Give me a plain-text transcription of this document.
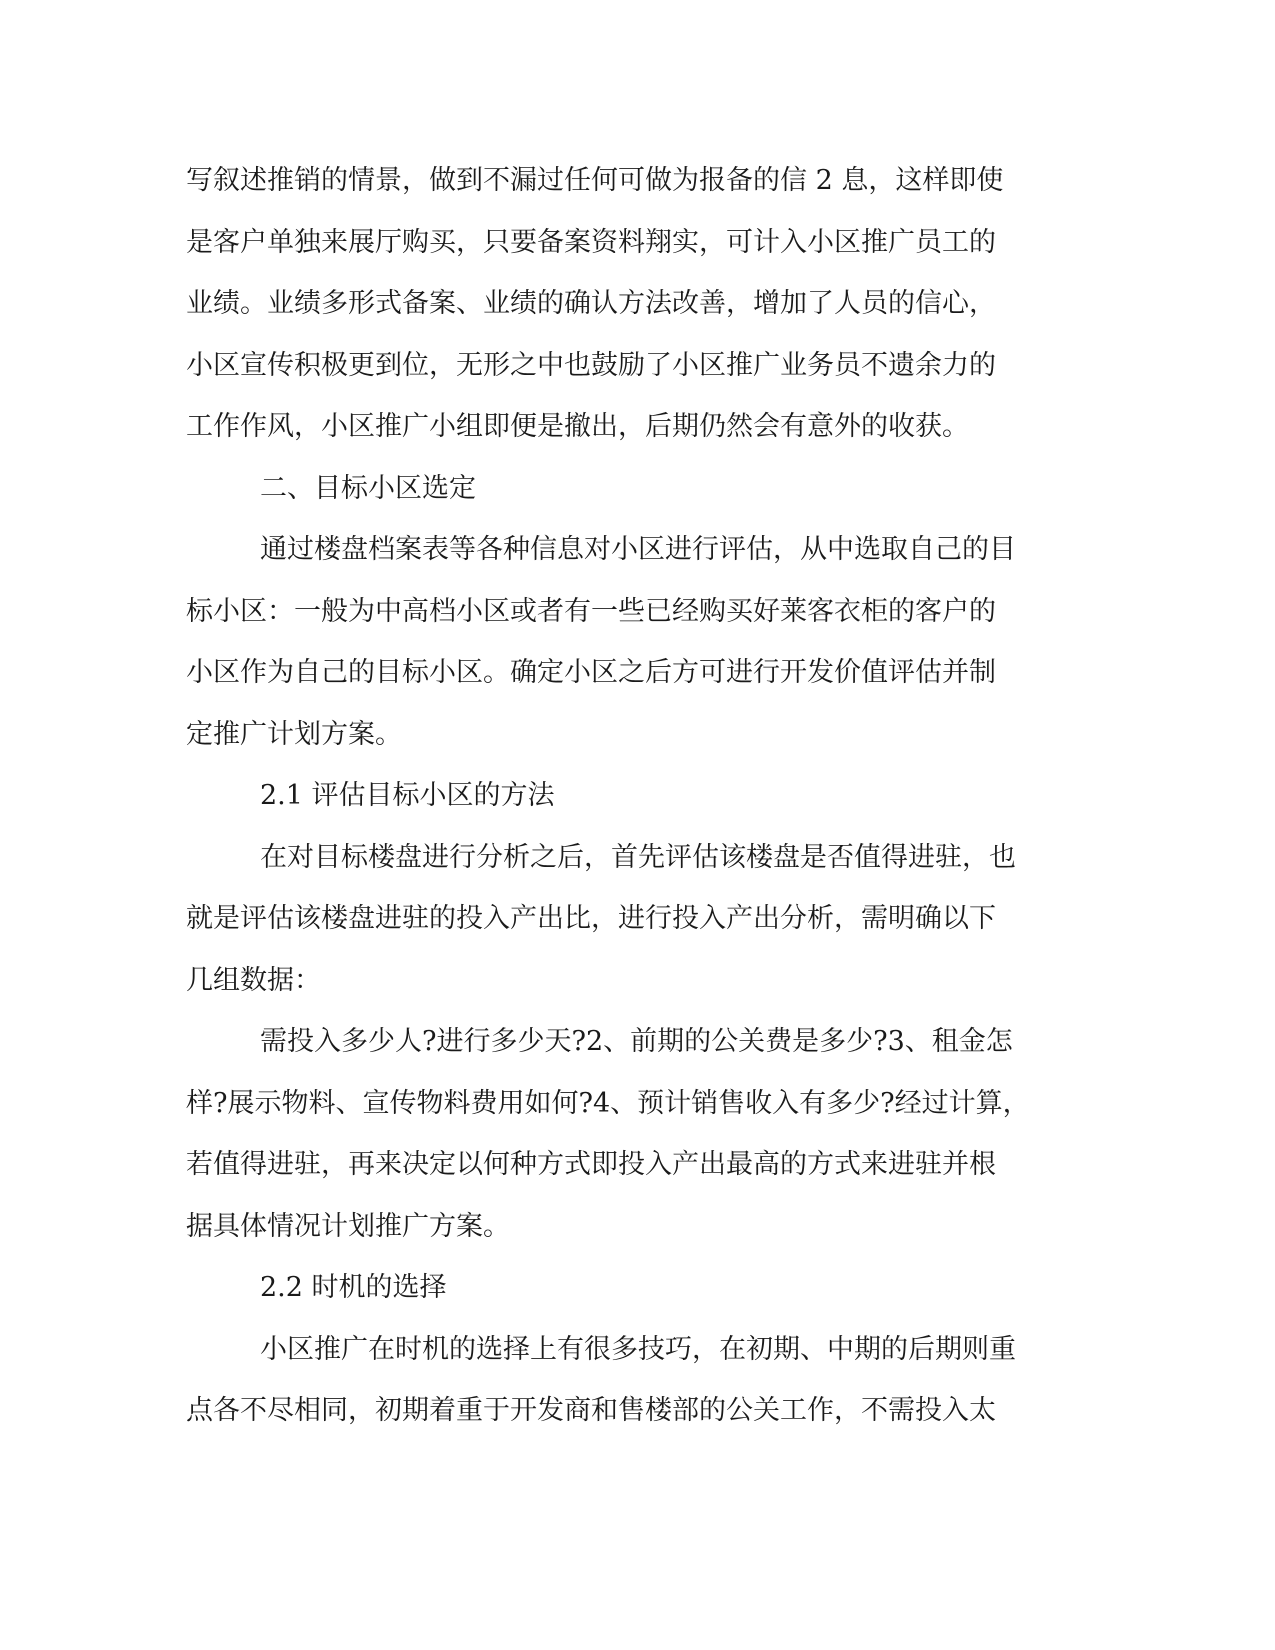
写叙述推销的情景，做到不漏过任何可做为报备的信 2 息，这样即使
是客户单独来展厅购买，只要备案资料翔实，可计入小区推广员工的
业绩。业绩多形式备案、业绩的确认方法改善，增加了人员的信心，
小区宣传积极更到位，无形之中也鼓励了小区推广业务员不遗余力的
工作作风，小区推广小组即便是撤出，后期仍然会有意外的收获。
二、目标小区选定
通过楼盘档案表等各种信息对小区进行评估，从中选取自己的目
标小区：一般为中高档小区或者有一些已经购买好莱客衣柜的客户的
小区作为自己的目标小区。确定小区之后方可进行开发价值评估并制
定推广计划方案。
2.1 评估目标小区的方法
在对目标楼盘进行分析之后，首先评估该楼盘是否值得进驻，也
就是评估该楼盘进驻的投入产出比，进行投入产出分析，需明确以下
几组数据：
需投入多少人?进行多少天?2、前期的公关费是多少?3、租金怎
样?展示物料、宣传物料费用如何?4、预计销售收入有多少?经过计算，
若值得进驻，再来决定以何种方式即投入产出最高的方式来进驻并根
据具体情况计划推广方案。
2.2 时机的选择
小区推广在时机的选择上有很多技巧，在初期、中期的后期则重
点各不尽相同，初期着重于开发商和售楼部的公关工作，不需投入太
